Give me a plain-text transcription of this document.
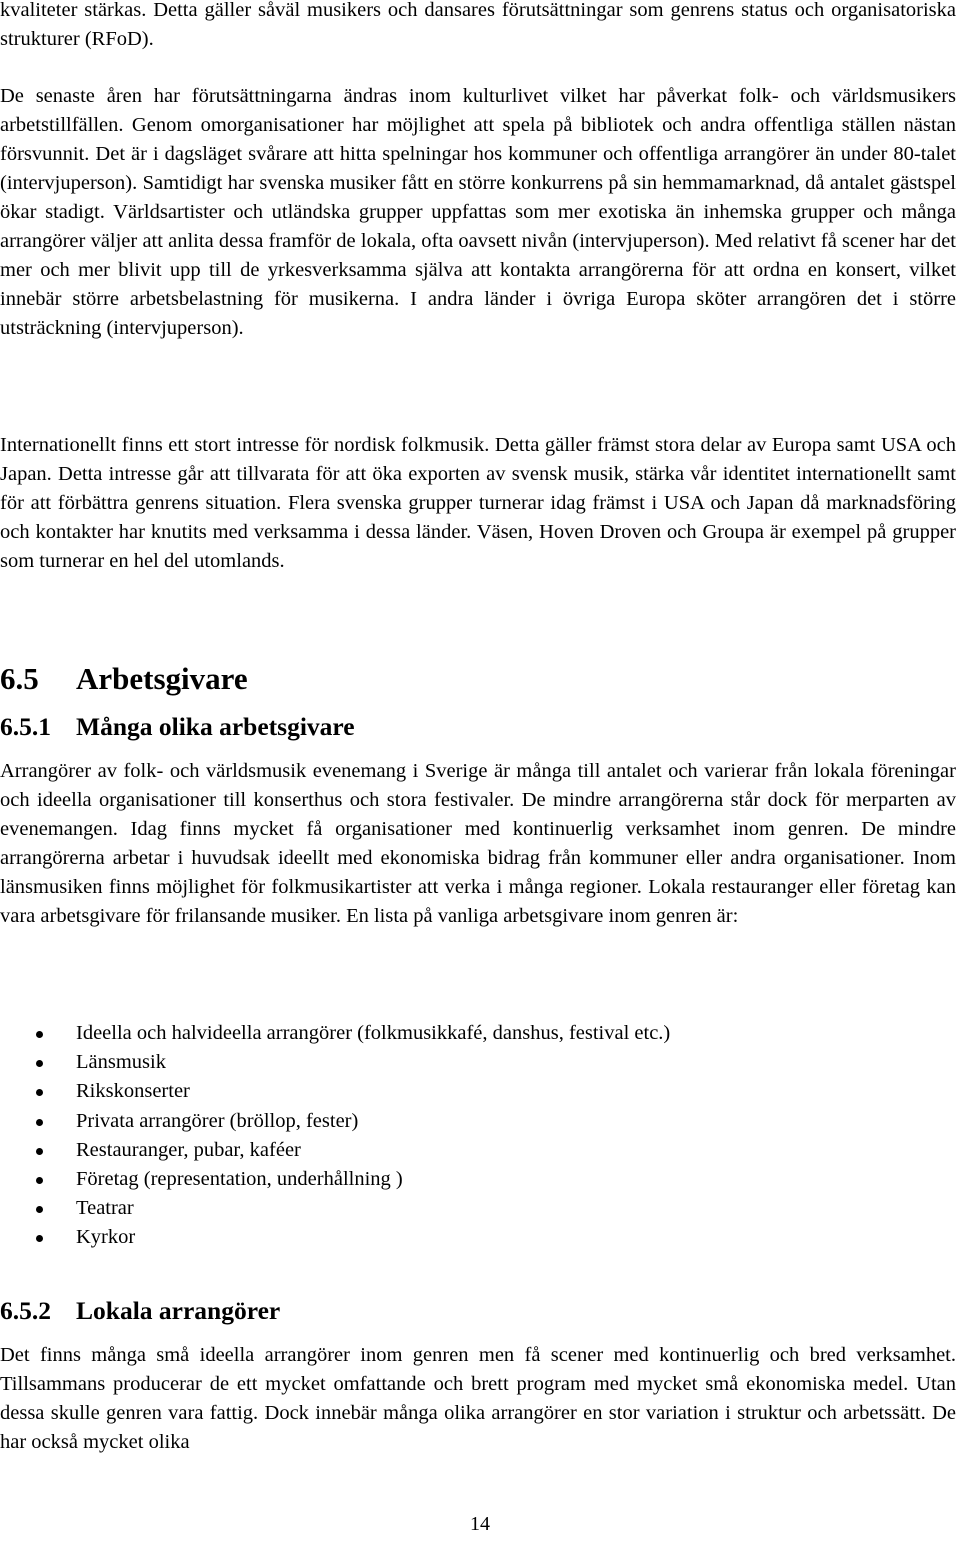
kvaliteter stärkas. Detta gäller såväl musikers och dansares förutsättningar som genrens status och organisatoriska strukturer (RFoD).

De senaste åren har förutsättningarna ändras inom kulturlivet vilket har påverkat folk- och världsmusikers arbetstillfällen. Genom omorganisationer har möjlighet att spela på bibliotek och andra offentliga ställen nästan försvunnit. Det är i dagsläget svårare att hitta spelningar hos kommuner och offentliga arrangörer än under 80-talet (intervjuperson). Samtidigt har svenska musiker fått en större konkurrens på sin hemmamarknad, då antalet gästspel ökar stadigt. Världsartister och utländska grupper uppfattas som mer exotiska än inhemska grupper och många arrangörer väljer att anlita dessa framför de lokala, ofta oavsett nivån (intervjuperson). Med relativt få scener har det mer och mer blivit upp till de yrkesverksamma själva att kontakta arrangörerna för att ordna en konsert, vilket innebär större arbetsbelastning för musikerna. I andra länder i övriga Europa sköter arrangören det i större utsträckning (intervjuperson).

Internationellt finns ett stort intresse för nordisk folkmusik. Detta gäller främst stora delar av Europa samt USA och Japan. Detta intresse går att tillvarata för att öka exporten av svensk musik, stärka vår identitet internationellt samt för att förbättra genrens situation. Flera svenska grupper turnerar idag främst i USA och Japan då marknadsföring och kontakter har knutits med verksamma i dessa länder. Väsen, Hoven Droven och Groupa är exempel på grupper som turnerar en hel del utomlands.

6.5 Arbetsgivare
6.5.1 Många olika arbetsgivare

Arrangörer av folk- och världsmusik evenemang i Sverige är många till antalet och varierar från lokala föreningar och ideella organisationer till konserthus och stora festivaler. De mindre arrangörerna står dock för merparten av evenemangen. Idag finns mycket få organisationer med kontinuerlig verksamhet inom genren. De mindre arrangörerna arbetar i huvudsak ideellt med ekonomiska bidrag från kommuner eller andra organisationer. Inom länsmusiken finns möjlighet för folkmusikartister att verka i många regioner. Lokala restauranger eller företag kan vara arbetsgivare för frilansande musiker. En lista på vanliga arbetsgivare inom genren är:

Ideella och halvideella arrangörer (folkmusikkafé, danshus, festival etc.)
Länsmusik
Rikskonserter
Privata arrangörer (bröllop, fester)
Restauranger, pubar, kaféer
Företag (representation, underhållning )
Teatrar
Kyrkor
6.5.2 Lokala arrangörer

Det finns många små ideella arrangörer inom genren men få scener med kontinuerlig och bred verksamhet. Tillsammans producerar de ett mycket omfattande och brett program med mycket små ekonomiska medel. Utan dessa skulle genren vara fattig. Dock innebär många olika arrangörer en stor variation i struktur och arbetssätt. De har också mycket olika

14
